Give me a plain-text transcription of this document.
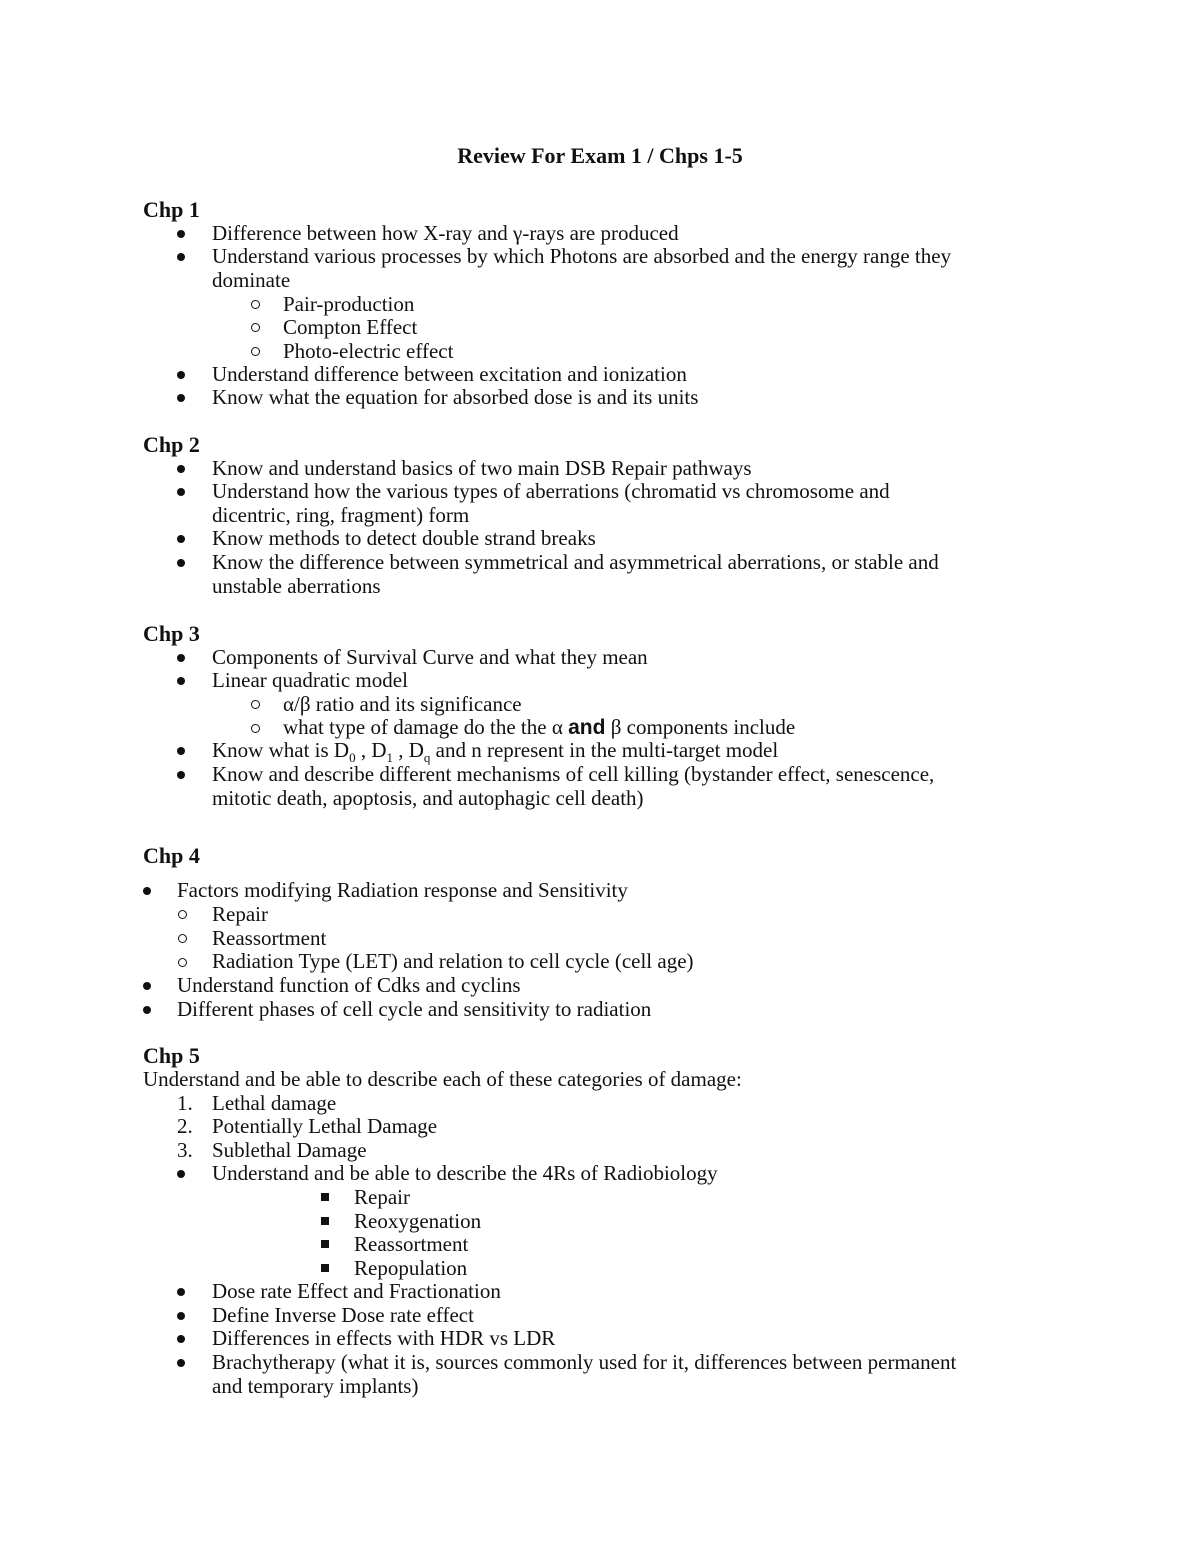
Review For Exam 1 / Chps 1-5
Chp 1
Difference between how X-ray and γ-rays are produced
Understand various processes by which Photons are absorbed and the energy range they
dominate
Pair-production
Compton Effect
Photo-electric effect
Understand difference between excitation and ionization
Know what the equation for absorbed dose is and its units
Chp 2
Know and understand basics of two main DSB Repair pathways
Understand how the various types of aberrations (chromatid vs chromosome and
dicentric, ring, fragment) form
Know methods to detect double strand breaks
Know the difference between symmetrical and asymmetrical aberrations, or stable and
unstable aberrations
Chp 3
Components of Survival Curve and what they mean
Linear quadratic model
α/β ratio and its significance
what type of damage do the the α and β components include
Know what is $D_0$ , $D_1$ , $D_q$ and n represent in the multi-target model
Know and describe different mechanisms of cell killing (bystander effect, senescence,
mitotic death, apoptosis, and autophagic cell death)
Chp 4
Factors modifying Radiation response and Sensitivity
Repair
Reassortment
Radiation Type (LET) and relation to cell cycle (cell age)
Understand function of Cdks and cyclins
Different phases of cell cycle and sensitivity to radiation
Chp 5
Understand and be able to describe each of these categories of damage:
1. Lethal damage
2. Potentially Lethal Damage
3. Sublethal Damage
Understand and be able to describe the 4Rs of Radiobiology
Repair
Reoxygenation
Reassortment
Repopulation
Dose rate Effect and Fractionation
Define Inverse Dose rate effect
Differences in effects with HDR vs LDR
Brachytherapy (what it is, sources commonly used for it, differences between permanent
and temporary implants)
